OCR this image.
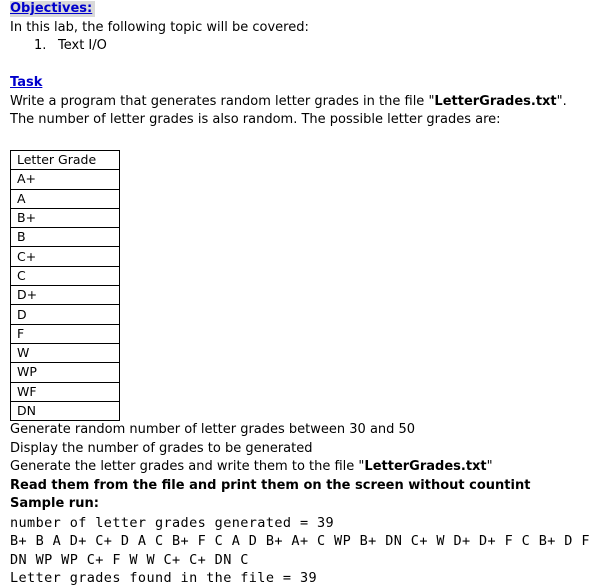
Objectives:
In this lab, the following topic will be covered:
1. Text I/O
Task
Write a program that generates random letter grades in the file "LetterGrades.txt".
The number of letter grades is also random. The possible letter grades are:
Letter Grade
A+
A
B+
B
C+
C
D+
D
F
W
WP
WF
DN
Generate random number of letter grades between 30 and 50
Display the number of grades to be generated
Generate the letter grades and write them to the file "LetterGrades.txt"
Read them from the file and print them on the screen without countint
Sample run:
number of letter grades generated = 39
B+ B A D+ C+ D A C B+ F C A D B+ A+ C WP B+ DN C+ W D+ D+ F C B+ D F
DN WP WP C+ F W W C+ C+ DN C
Letter grades found in the file = 39
